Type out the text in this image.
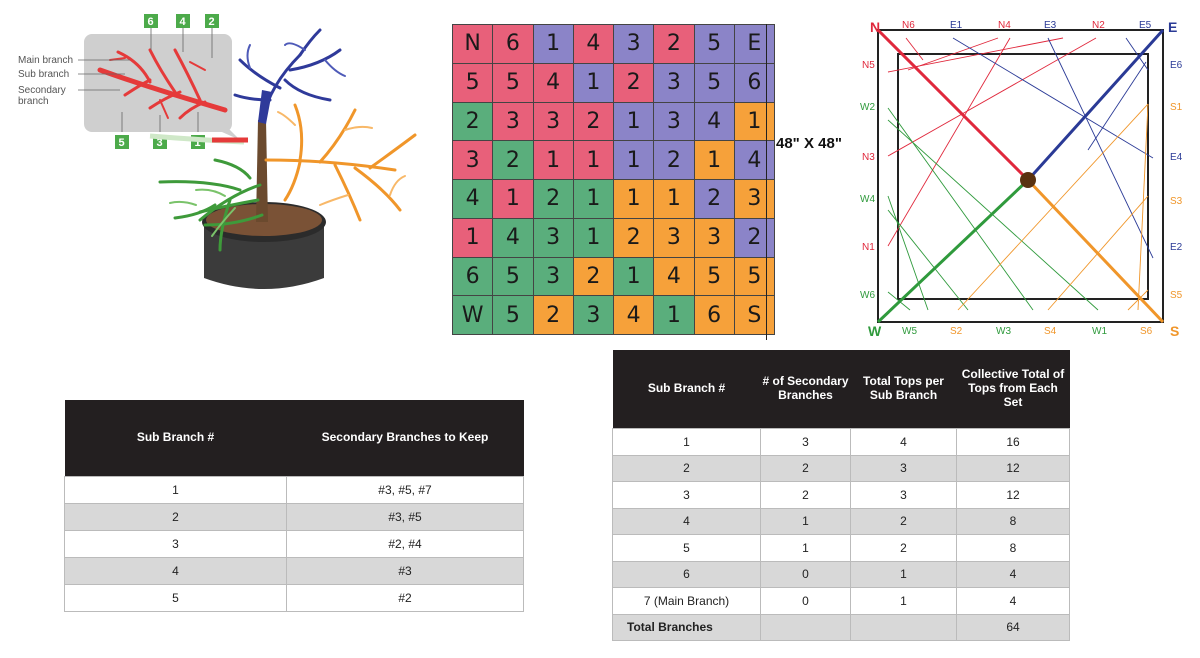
Main branch
Sub branch
Secondary
branch
6 4 2
5	3	1
N	6	1	4	3	2	5	E
5	5	4	1	2	3	5	6
2	3	3	2	1	3	4	1
3	2	1	1	1	2	1	4
4	1	2	1	1	1	2	3
1	4	3	1	2	3	3	2
6	5	3	2	1	4	5	5
W	5	2	3	4	1	6	S
48" X 48"
N	E
W	S
N6	E1	N4	E3	N2	E5
W5	S2	W3	S4	W1	S6
N5
W2
N3
W4
N1
W6
E6
S1
E4
S3
E2
S5
Sub Branch #	Secondary Branches to Keep
1	#3, #5, #7
2	#3, #5
3	#2, #4
4	#3
5	#2
Sub Branch #	# of Secondary Branches	Total Tops per Sub Branch	Collective Total of Tops from Each Set
1	3	4	16
2	2	3	12
3	2	3	12
4	1	2	8
5	1	2	8
6	0	1	4
7 (Main Branch)	0	1	4
Total Branches			64
